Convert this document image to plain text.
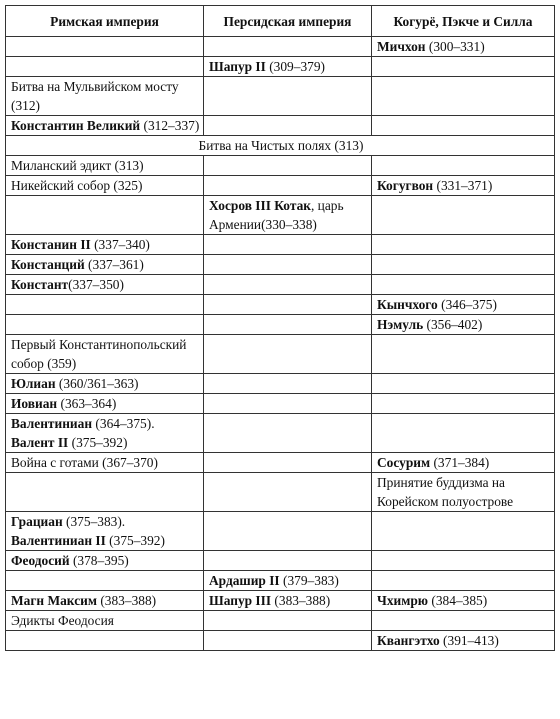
Римская империя	Персидская империя	Когурё, Пэкче и Силла
		Мичхон (300–331)
	Шапур II (309–379)	
Битва на Мульвийском мосту (312)		
Константин Великий (312–337)		
Битва на Чистых полях (313)		
Миланский эдикт (313)		
Никейский собор (325)		Когугвон (331–371)
	Хосров III Котак, царь Армении(330–338)	
Констанин II (337–340)		
Констанций (337–361)		
Констант(337–350)		
		Кынчхого (346–375)
		Нэмуль (356–402)
Первый Константинопольский собор (359)		
Юлиан (360/361–363)		
Иовиан (363–364)		
Валентиниан (364–375).
Валент II (375–392)		
Война с готами (367–370)		Сосурим (371–384)
		Принятие буддизма на Корейском полуострове
Грациан (375–383).
Валентиниан II (375–392)		
Феодосий (378–395)		
	Ардашир II (379–383)	
Магн Максим (383–388)	Шапур III (383–388)	Чхимрю (384–385)
Эдикты Феодосия		
		Квангэтхо (391–413)
